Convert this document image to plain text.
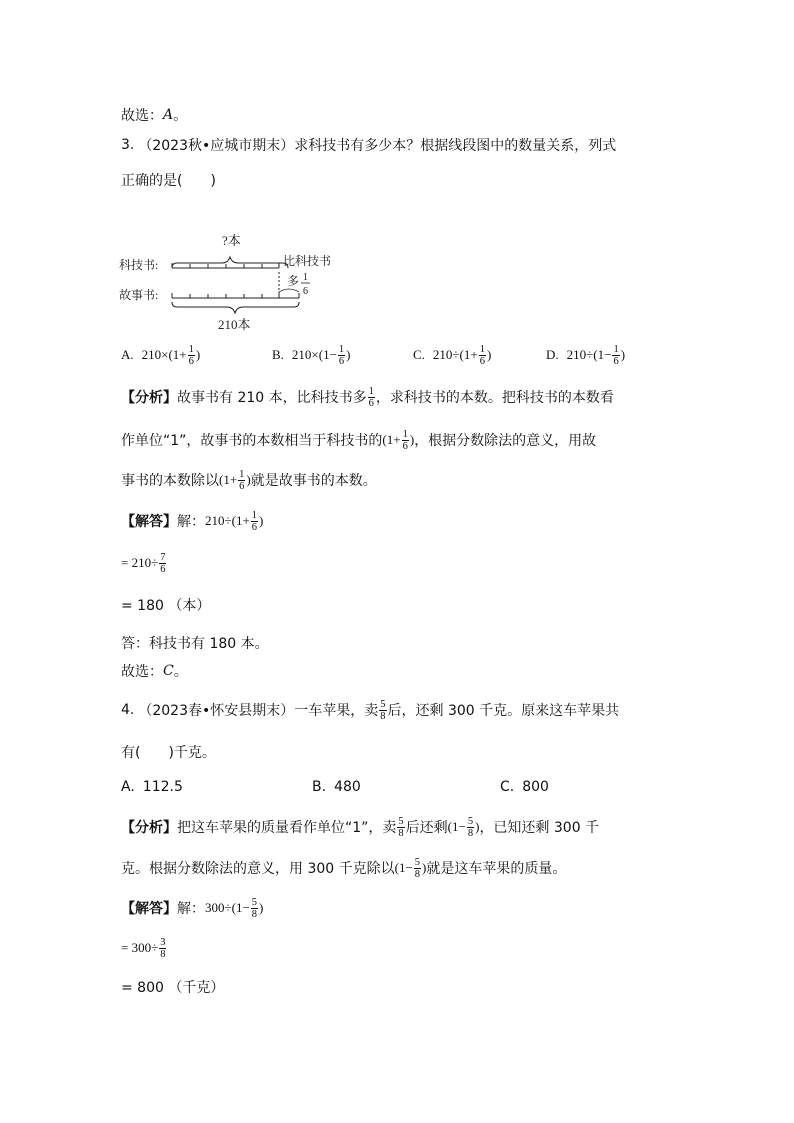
故选： A 。
3. （2023秋•应城市期末）求科技书有多少本？根据线段图中的数量关系，列式
正确的是(　　)
?本
科技书:	比科技书
多 1
6
故事书:
210本
A. $210\times(1+ \frac{1}{6}$ )	B. $210\times(1- \frac{1}{6}$ )	C. $210\div(1+ \frac{1}{6}$ )	D. $210\div(1- \frac{1}{6}$ )
【分析】 故事书有 210 本，比科技书多 $\frac{1}{6}$ ，求科技书的本数。把科技书的本数看
作单位“1”，故事书的本数相当于科技书的 ($1+ \frac{1}{6}$ ) ，根据分数除法的意义，用故
事书的本数除以 ($1+ \frac{1}{6}$ ) 就是故事书的本数。
【解答】 解： $210\div(1+ \frac{1}{6}$ )
= $210\div \frac{7}{6}$
= 180 （本）
答：科技书有 180 本。
故选： C 。
4. （2023春•怀安县期末）一车苹果，卖 $\frac{5}{8}$ 后，还剩 300 千克。原来这车苹果共
有(　　)千克。
A. 112.5	B. 480	C. 800
【分析】 把这车苹果的质量看作单位“1”，卖 $\frac{5}{8}$ 后还剩 ($1- \frac{5}{8}$ ) ，已知还剩 300 千
克。根据分数除法的意义，用 300 千克除以 ($1- \frac{5}{8}$ ) 就是这车苹果的质量。
【解答】 解： $300\div(1- \frac{5}{8}$ )
= $300\div \frac{3}{8}$
= 800 （千克）
